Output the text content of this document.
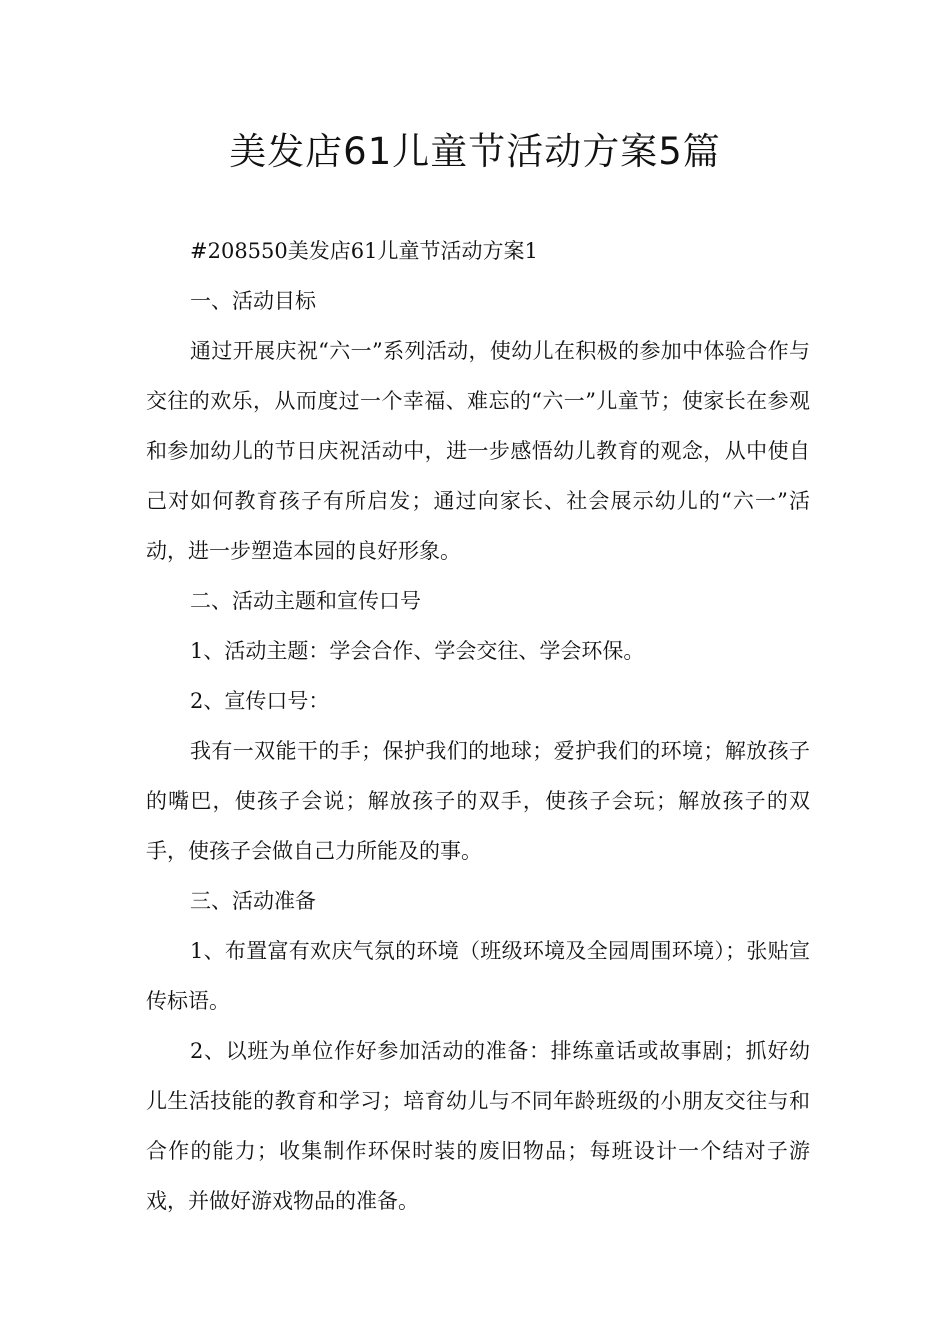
美发店61儿童节活动方案5篇

#208550美发店61儿童节活动方案1

一、活动目标

通过开展庆祝“六一”系列活动，使幼儿在积极的参加中体验合作与交往的欢乐，从而度过一个幸福、难忘的“六一”儿童节；使家长在参观和参加幼儿的节日庆祝活动中，进一步感悟幼儿教育的观念，从中使自己对如何教育孩子有所启发；通过向家长、社会展示幼儿的“六一”活动，进一步塑造本园的良好形象。

二、活动主题和宣传口号

1、活动主题：学会合作、学会交往、学会环保。

2、宣传口号：

我有一双能干的手；保护我们的地球；爱护我们的环境；解放孩子的嘴巴，使孩子会说；解放孩子的双手，使孩子会玩；解放孩子的双手，使孩子会做自己力所能及的事。

三、活动准备

1、布置富有欢庆气氛的环境（班级环境及全园周围环境）；张贴宣传标语。

2、以班为单位作好参加活动的准备：排练童话或故事剧；抓好幼儿生活技能的教育和学习；培育幼儿与不同年龄班级的小朋友交往与和合作的能力；收集制作环保时装的废旧物品；每班设计一个结对子游戏，并做好游戏物品的准备。
